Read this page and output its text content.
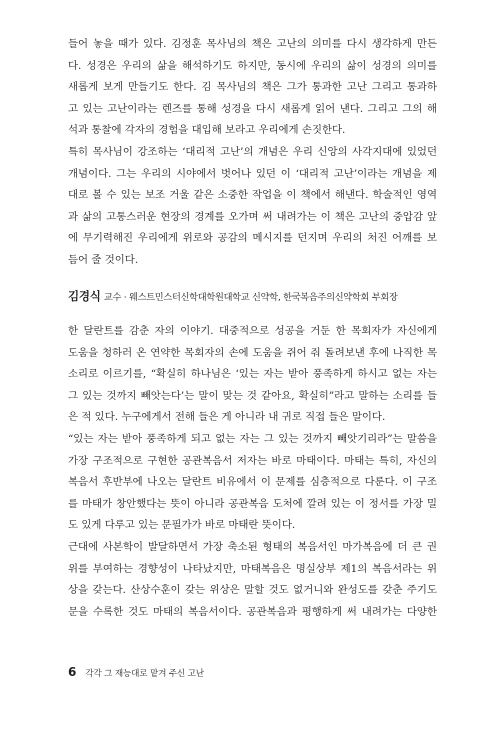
들어 놓을 때가 있다. 김정훈 목사님의 책은 고난의 의미를 다시 생각하게 만든
다. 성경은 우리의 삶을 해석하기도 하지만, 동시에 우리의 삶이 성경의 의미를
새롭게 보게 만들기도 한다. 김 목사님의 책은 그가 통과한 고난 그리고 통과하
고 있는 고난이라는 렌즈를 통해 성경을 다시 새롭게 읽어 낸다. 그리고 그의 해
석과 통찰에 각자의 경험을 대입해 보라고 우리에게 손짓한다.
특히 목사님이 강조하는 ‘대리적 고난’의 개념은 우리 신앙의 사각지대에 있었던
개념이다. 그는 우리의 시야에서 벗어나 있던 이 ‘대리적 고난’이라는 개념을 제
대로 볼 수 있는 보조 거울 같은 소중한 작업을 이 책에서 해낸다. 학술적인 영역
과 삶의 고통스러운 현장의 경계를 오가며 써 내려가는 이 책은 고난의 중압감 앞
에 무기력해진 우리에게 위로와 공감의 메시지를 던지며 우리의 처진 어깨를 보
듬어 줄 것이다.
김경식 교수 · 웨스트민스터신학대학원대학교 신약학, 한국복음주의신약학회 부회장
한 달란트를 감춘 자의 이야기. 대중적으로 성공을 거둔 한 목회자가 자신에게
도움을 청하러 온 연약한 목회자의 손에 도움을 쥐어 줘 돌려보낸 후에 나직한 목
소리로 이르기를, “확실히 하나님은 ‘있는 자는 받아 풍족하게 하시고 없는 자는
그 있는 것까지 빼앗는다’는 말이 맞는 것 같아요, 확실히”라고 말하는 소리를 들
은 적 있다. 누구에게서 전해 들은 게 아니라 내 귀로 직접 들은 말이다.
“있는 자는 받아 풍족하게 되고 없는 자는 그 있는 것까지 빼앗기리라”는 말씀을
가장 구조적으로 구현한 공관복음서 저자는 바로 마태이다. 마태는 특히, 자신의
복음서 후반부에 나오는 달란트 비유에서 이 문제를 심층적으로 다룬다. 이 구조
를 마태가 창안했다는 뜻이 아니라 공관복음 도처에 깔려 있는 이 정서를 가장 밀
도 있게 다루고 있는 문필가가 바로 마태란 뜻이다.
근대에 사본학이 발달하면서 가장 축소된 형태의 복음서인 마가복음에 더 큰 권
위를 부여하는 경향성이 나타났지만, 마태복음은 명실상부 제1의 복음서라는 위
상을 갖는다. 산상수훈이 갖는 위상은 말할 것도 없거니와 완성도를 갖춘 주기도
문을 수록한 것도 마태의 복음서이다. 공관복음과 평행하게 써 내려가는 다양한
6 각각 그 재능대로 맡겨 주신 고난
